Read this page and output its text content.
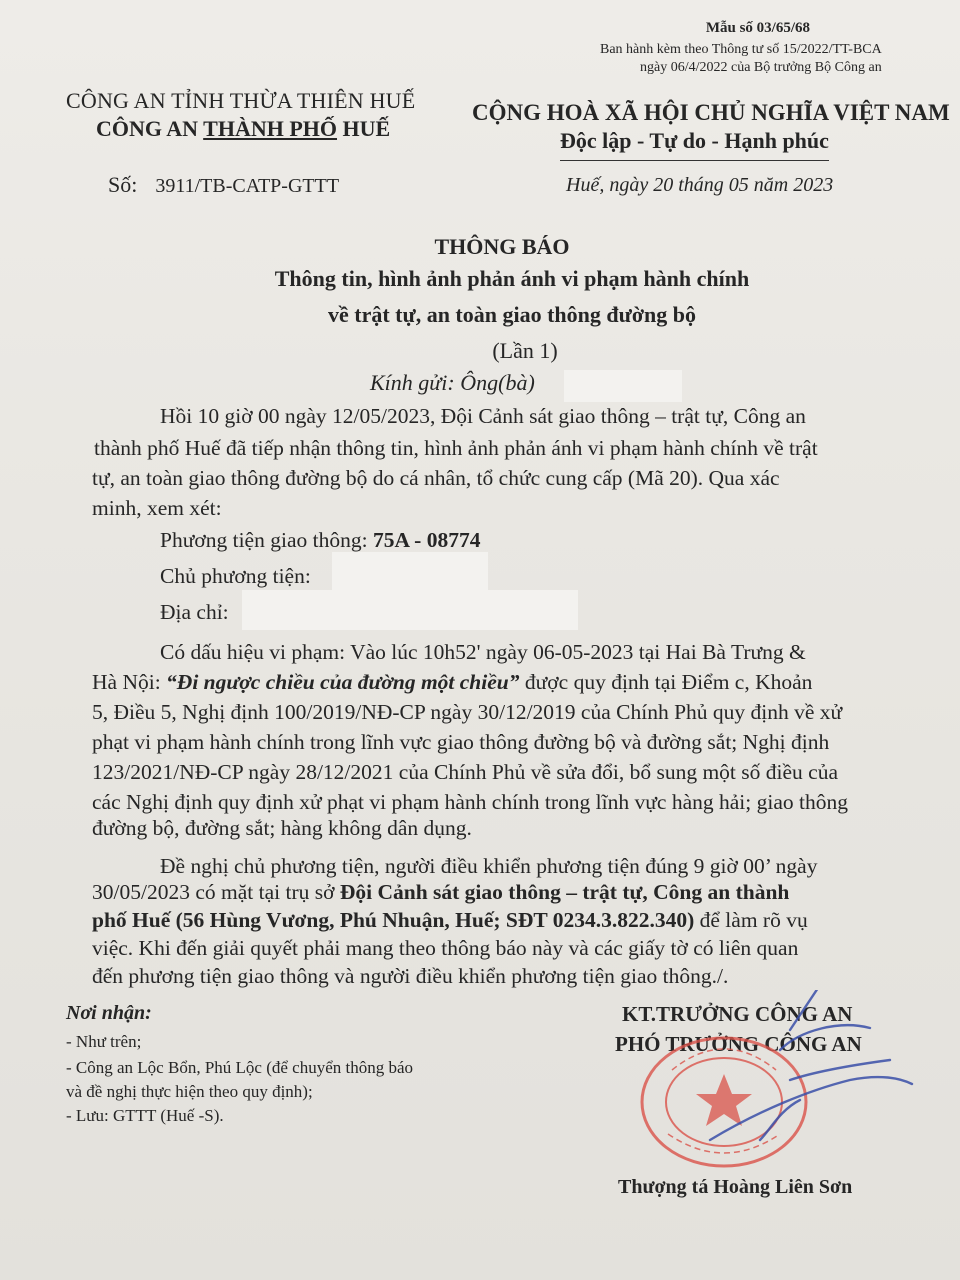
Mẫu số 03/65/68
Ban hành kèm theo Thông tư số 15/2022/TT-BCA
ngày 06/4/2022 của Bộ trưởng Bộ Công an
CÔNG AN TỈNH THỪA THIÊN HUẾ
CÔNG AN THÀNH PHỐ HUẾ
CỘNG HOÀ XÃ HỘI CHỦ NGHĨA VIỆT NAM
Độc lập - Tự do - Hạnh phúc
Số: 3911/TB-CATP-GTTT	Huế, ngày 20 tháng 05 năm 2023
THÔNG BÁO
Thông tin, hình ảnh phản ánh vi phạm hành chính
về trật tự, an toàn giao thông đường bộ
(Lần 1)
Kính gửi: Ông(bà)
Hồi 10 giờ 00 ngày 12/05/2023, Đội Cảnh sát giao thông – trật tự, Công an
thành phố Huế đã tiếp nhận thông tin, hình ảnh phản ánh vi phạm hành chính về trật
tự, an toàn giao thông đường bộ do cá nhân, tổ chức cung cấp (Mã 20). Qua xác
minh, xem xét:
Phương tiện giao thông: 75A - 08774
Chủ phương tiện:
Địa chỉ:
Có dấu hiệu vi phạm: Vào lúc 10h52' ngày 06-05-2023 tại Hai Bà Trưng &
Hà Nội: “Đi ngược chiều của đường một chiều” được quy định tại Điểm c, Khoản
5, Điều 5, Nghị định 100/2019/NĐ-CP ngày 30/12/2019 của Chính Phủ quy định về xử
phạt vi phạm hành chính trong lĩnh vực giao thông đường bộ và đường sắt; Nghị định
123/2021/NĐ-CP ngày 28/12/2021 của Chính Phủ về sửa đổi, bổ sung một số điều của
các Nghị định quy định xử phạt vi phạm hành chính trong lĩnh vực hàng hải; giao thông
đường bộ, đường sắt; hàng không dân dụng.
Đề nghị chủ phương tiện, người điều khiển phương tiện đúng 9 giờ 00’ ngày
30/05/2023 có mặt tại trụ sở Đội Cảnh sát giao thông – trật tự, Công an thành
phố Huế (56 Hùng Vương, Phú Nhuận, Huế; SĐT 0234.3.822.340) để làm rõ vụ
việc. Khi đến giải quyết phải mang theo thông báo này và các giấy tờ có liên quan
đến phương tiện giao thông và người điều khiển phương tiện giao thông./.
Nơi nhận:
- Như trên;
- Công an Lộc Bổn, Phú Lộc (để chuyển thông báo
và đề nghị thực hiện theo quy định);
- Lưu: GTTT (Huế -S).
KT.TRƯỞNG CÔNG AN
PHÓ TRƯỞNG CÔNG AN
Thượng tá Hoàng Liên Sơn
